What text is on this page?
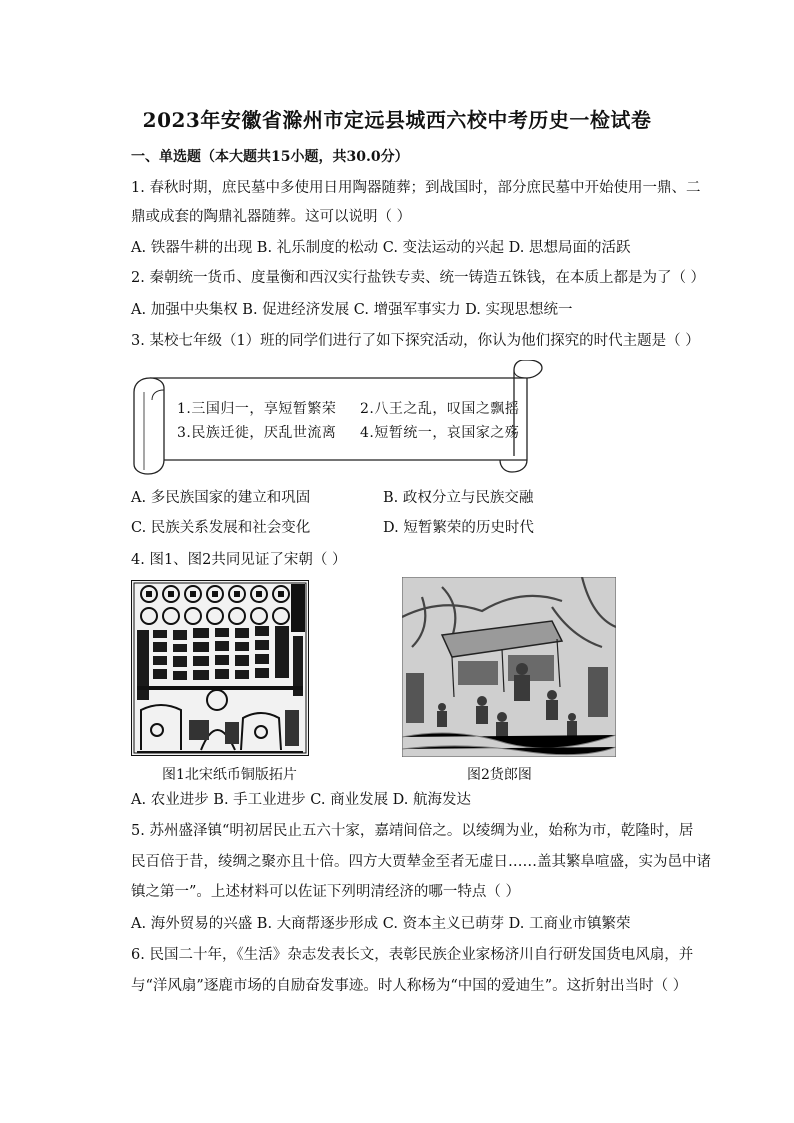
2023年安徽省滁州市定远县城西六校中考历史一检试卷
一、单选题（本大题共15小题，共30.0分）
1. 春秋时期，庶民墓中多使用日用陶器随葬；到战国时，部分庶民墓中开始使用一鼎、二
鼎或成套的陶鼎礼器随葬。这可以说明（ ）
A. 铁器牛耕的出现 B. 礼乐制度的松动 C. 变法运动的兴起 D. 思想局面的活跃
2. 秦朝统一货币、度量衡和西汉实行盐铁专卖、统一铸造五铢钱，在本质上都是为了（ ）
A. 加强中央集权 B. 促进经济发展 C. 增强军事实力 D. 实现思想统一
3. 某校七年级（1）班的同学们进行了如下探究活动，你认为他们探究的时代主题是（ ）
1.三国归一，享短暂繁荣 2.八王之乱，叹国之飘摇
3.民族迁徙，厌乱世流离 4.短暂统一，哀国家之殇
A. 多民族国家的建立和巩固	B. 政权分立与民族交融
C. 民族关系发展和社会变化	D. 短暂繁荣的历史时代
4. 图1、图2共同见证了宋朝（ ）
图1北宋纸币铜版拓片	图2货郎图
A. 农业进步 B. 手工业进步 C. 商业发展 D. 航海发达
5. 苏州盛泽镇“明初居民止五六十家，嘉靖间倍之。以绫绸为业，始称为市，乾隆时，居
民百倍于昔，绫绸之聚亦且十倍。四方大贾辇金至者无虚日……盖其繁阜喧盛，实为邑中诸
镇之第一”。上述材料可以佐证下列明清经济的哪一特点（ ）
A. 海外贸易的兴盛 B. 大商帮逐步形成 C. 资本主义已萌芽 D. 工商业市镇繁荣
6. 民国二十年，《生活》杂志发表长文，表彰民族企业家杨济川自行研发国货电风扇，并
与“洋风扇”逐鹿市场的自励奋发事迹。时人称杨为“中国的爱迪生”。这折射出当时（ ）
